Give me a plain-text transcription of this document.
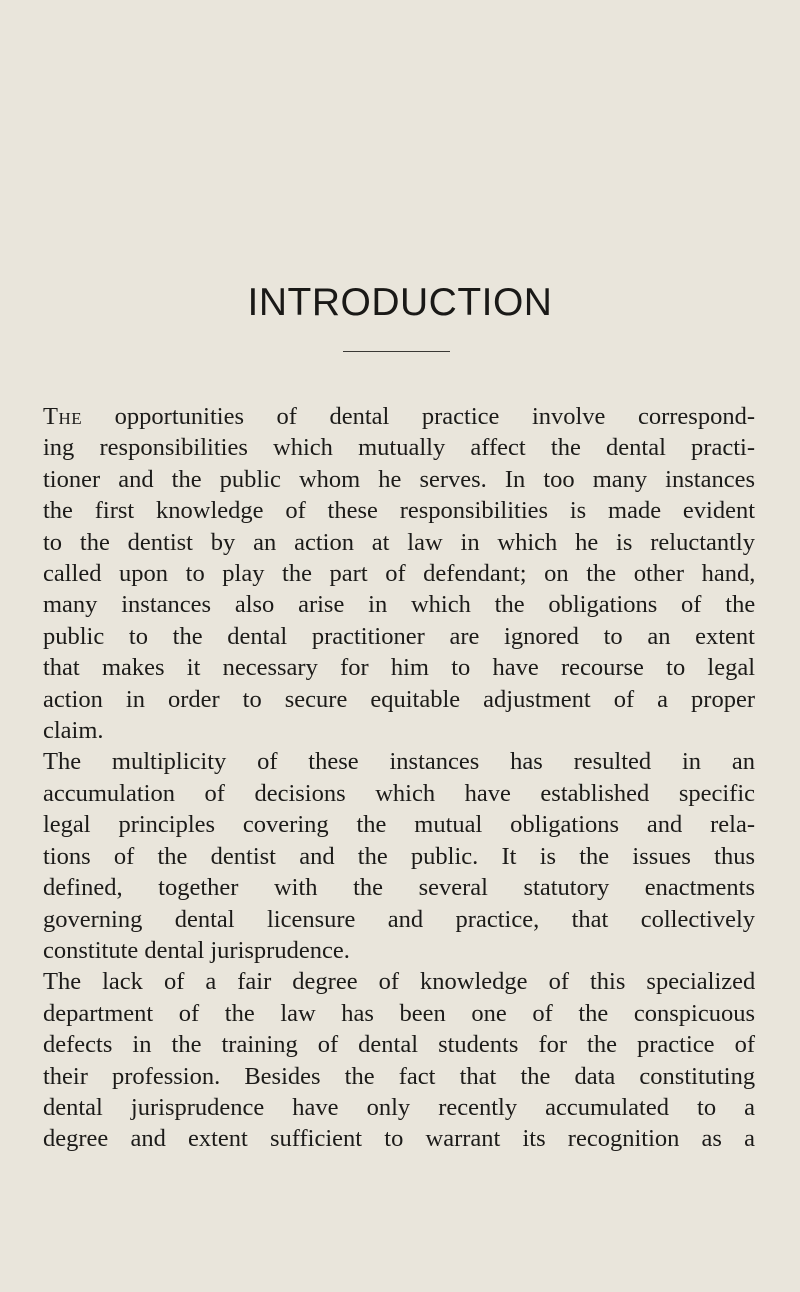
INTRODUCTION

The opportunities of dental practice involve correspond-
ing responsibilities which mutually affect the dental practi-
tioner and the public whom he serves. In too many instances
the first knowledge of these responsibilities is made evident
to the dentist by an action at law in which he is reluctantly
called upon to play the part of defendant; on the other hand,
many instances also arise in which the obligations of the
public to the dental practitioner are ignored to an extent
that makes it necessary for him to have recourse to legal
action in order to secure equitable adjustment of a proper
claim.

The multiplicity of these instances has resulted in an
accumulation of decisions which have established specific
legal principles covering the mutual obligations and rela-
tions of the dentist and the public. It is the issues thus
defined, together with the several statutory enactments
governing dental licensure and practice, that collectively
constitute dental jurisprudence.

The lack of a fair degree of knowledge of this specialized
department of the law has been one of the conspicuous
defects in the training of dental students for the practice of
their profession. Besides the fact that the data constituting
dental jurisprudence have only recently accumulated to a
degree and extent sufficient to warrant its recognition as a
